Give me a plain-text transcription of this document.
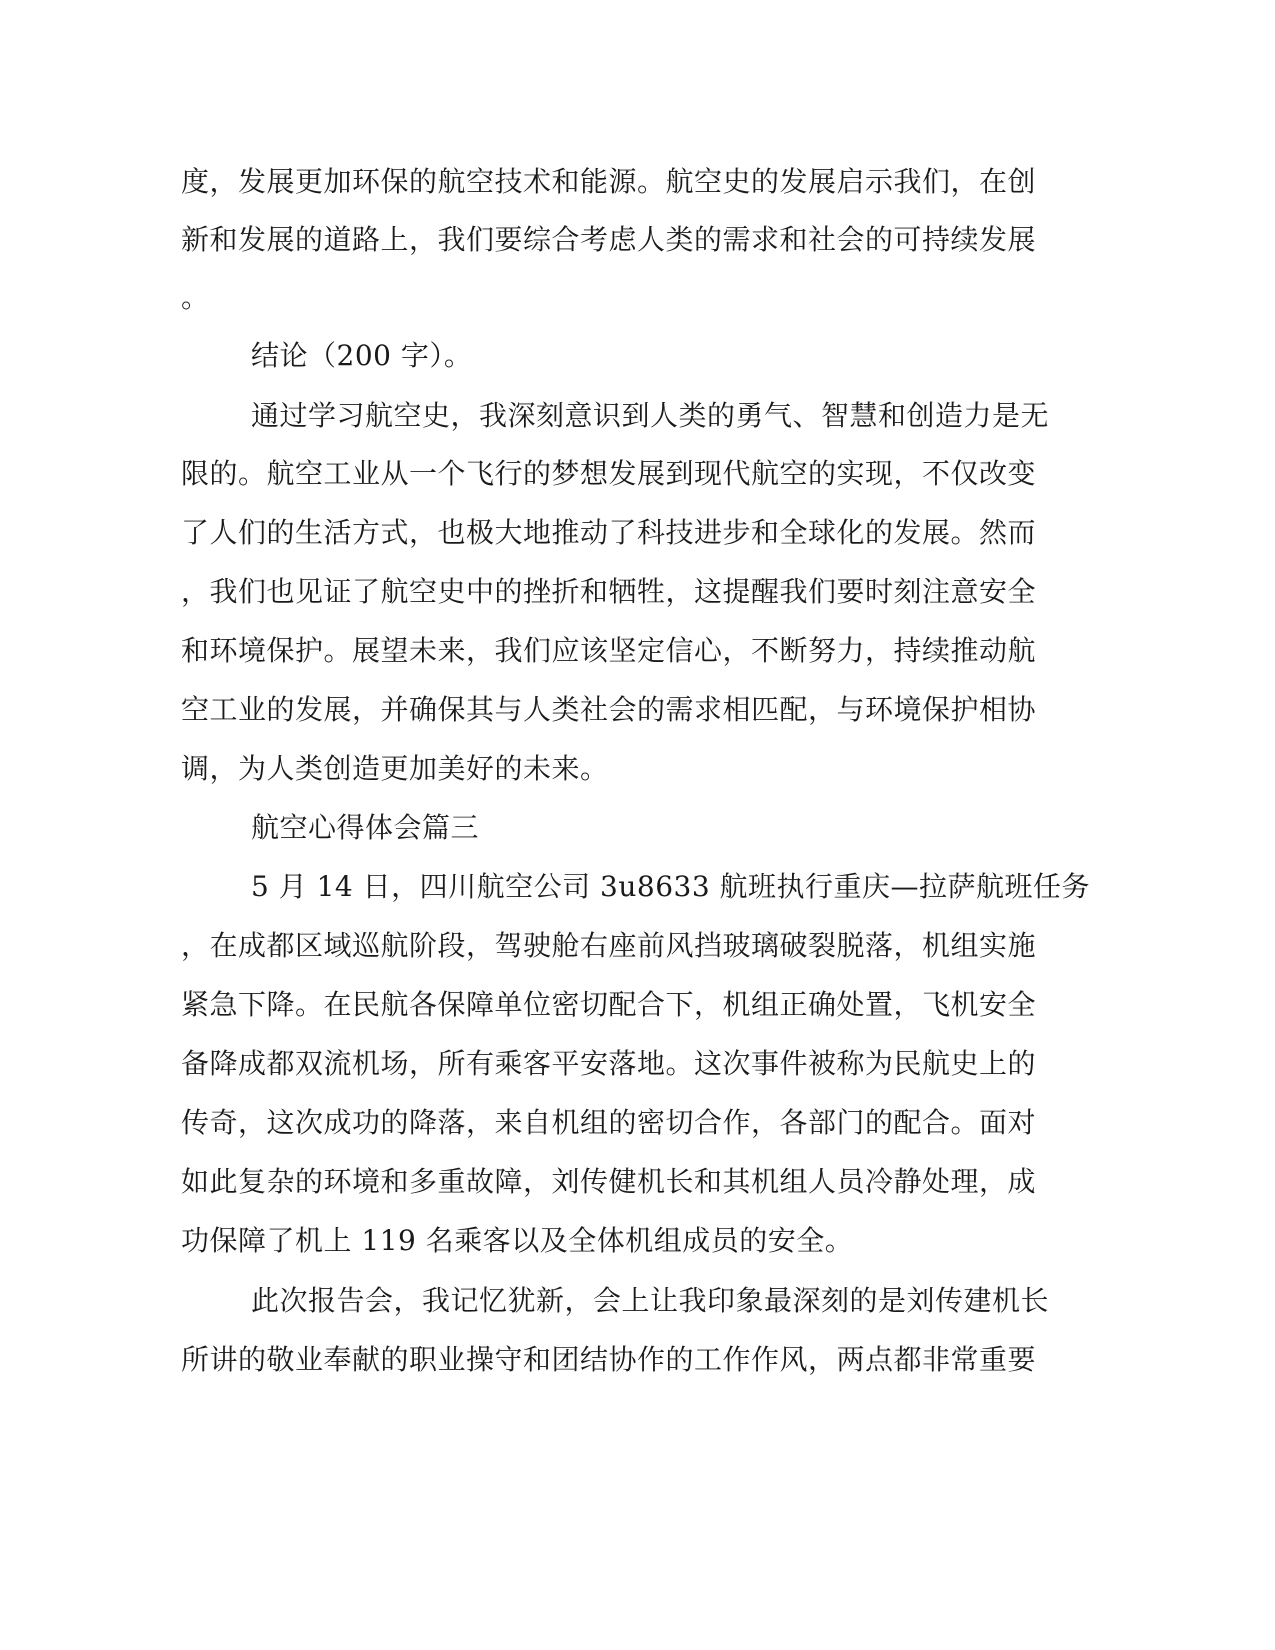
度，发展更加环保的航空技术和能源。航空史的发展启示我们，在创
新和发展的道路上，我们要综合考虑人类的需求和社会的可持续发展
。
结论（200 字）。
通过学习航空史，我深刻意识到人类的勇气、智慧和创造力是无
限的。航空工业从一个飞行的梦想发展到现代航空的实现，不仅改变
了人们的生活方式，也极大地推动了科技进步和全球化的发展。然而
，我们也见证了航空史中的挫折和牺牲，这提醒我们要时刻注意安全
和环境保护。展望未来，我们应该坚定信心，不断努力，持续推动航
空工业的发展，并确保其与人类社会的需求相匹配，与环境保护相协
调，为人类创造更加美好的未来。
航空心得体会篇三
5 月 14 日，四川航空公司 3u8633 航班执行重庆—拉萨航班任务
，在成都区域巡航阶段，驾驶舱右座前风挡玻璃破裂脱落，机组实施
紧急下降。在民航各保障单位密切配合下，机组正确处置，飞机安全
备降成都双流机场，所有乘客平安落地。这次事件被称为民航史上的
传奇，这次成功的降落，来自机组的密切合作，各部门的配合。面对
如此复杂的环境和多重故障，刘传健机长和其机组人员冷静处理，成
功保障了机上 119 名乘客以及全体机组成员的安全。
此次报告会，我记忆犹新，会上让我印象最深刻的是刘传建机长
所讲的敬业奉献的职业操守和团结协作的工作作风，两点都非常重要
